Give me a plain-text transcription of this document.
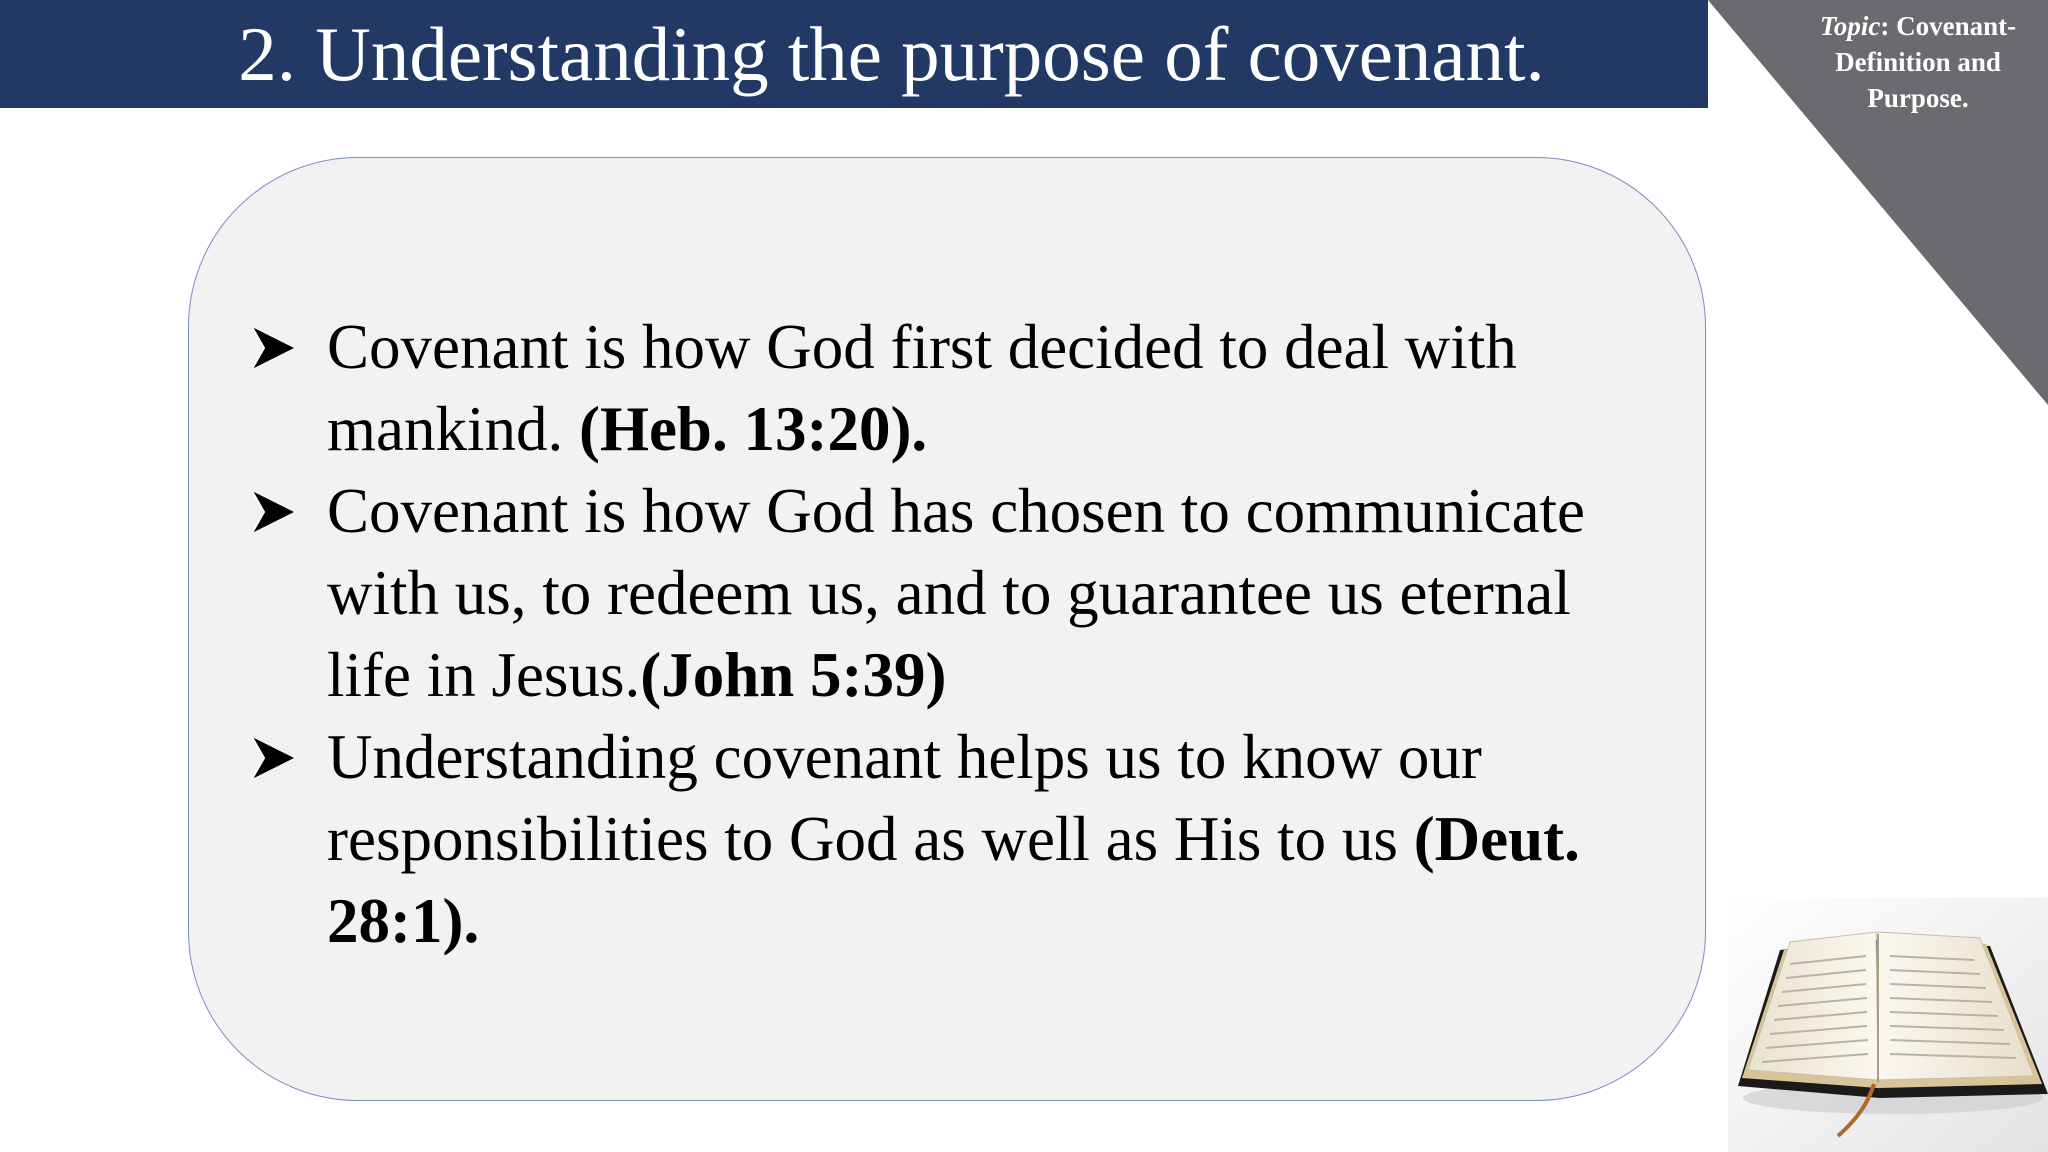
2. Understanding the purpose of covenant.	Topic: Covenant-Definition and Purpose.
Covenant is how God first decided to deal with mankind. (Heb. 13:20).
Covenant is how God has chosen to communicate with us, to redeem us, and to guarantee us eternal life in Jesus.(John 5:39)
Understanding covenant helps us to know our responsibilities to God as well as His to us (Deut. 28:1).
